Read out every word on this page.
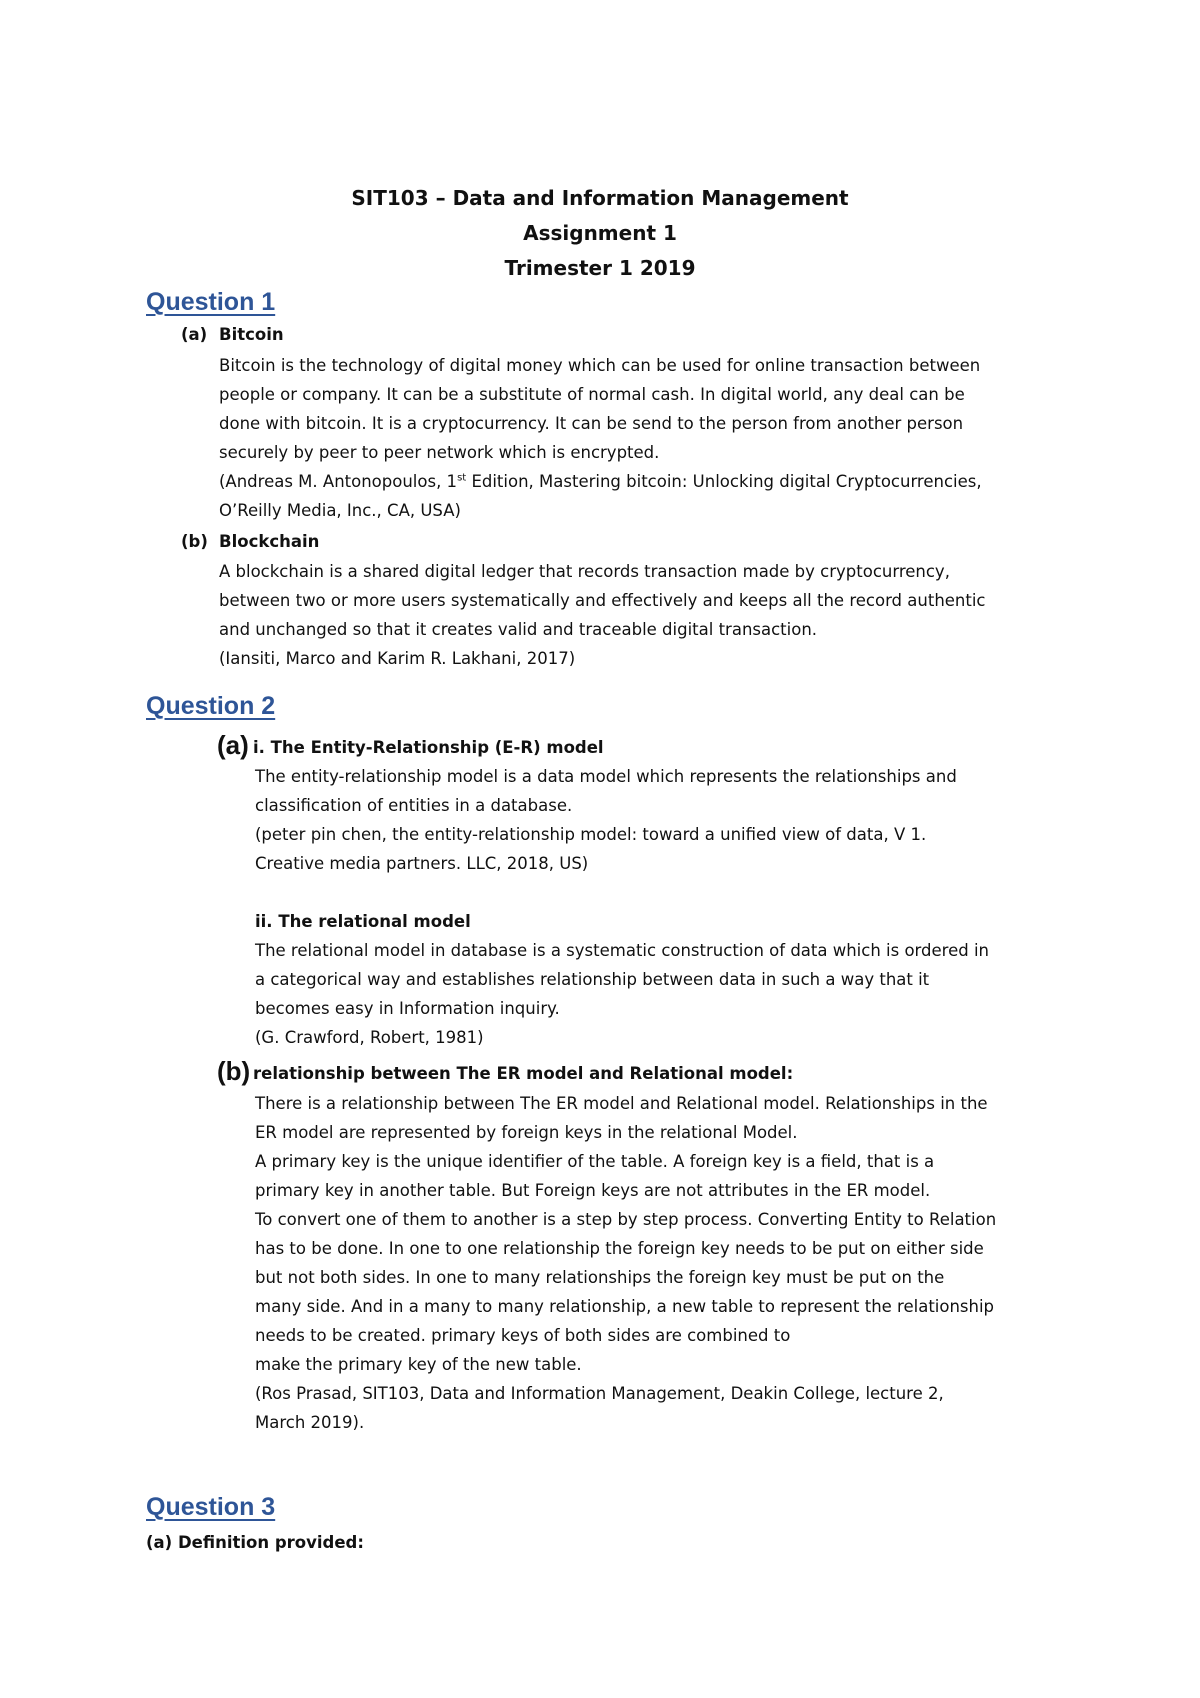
SIT103 – Data and Information Management
Assignment 1
Trimester 1 2019
Question 1
(a) Bitcoin
Bitcoin is the technology of digital money which can be used for online transaction between
people or company. It can be a substitute of normal cash. In digital world, any deal can be
done with bitcoin. It is a cryptocurrency. It can be send to the person from another person
securely by peer to peer network which is encrypted.
(Andreas M. Antonopoulos, 1st Edition, Mastering bitcoin: Unlocking digital Cryptocurrencies,
O’Reilly Media, Inc., CA, USA)
(b) Blockchain
A blockchain is a shared digital ledger that records transaction made by cryptocurrency,
between two or more users systematically and effectively and keeps all the record authentic
and unchanged so that it creates valid and traceable digital transaction.
(Iansiti, Marco and Karim R. Lakhani, 2017)
Question 2
(a) i. The Entity-Relationship (E-R) model
The entity-relationship model is a data model which represents the relationships and
classification of entities in a database.
(peter pin chen, the entity-relationship model: toward a unified view of data, V 1.
Creative media partners. LLC, 2018, US)
ii. The relational model
The relational model in database is a systematic construction of data which is ordered in
a categorical way and establishes relationship between data in such a way that it
becomes easy in Information inquiry.
(G. Crawford, Robert, 1981)
(b) relationship between The ER model and Relational model:
There is a relationship between The ER model and Relational model. Relationships in the
ER model are represented by foreign keys in the relational Model.
A primary key is the unique identifier of the table. A foreign key is a field, that is a
primary key in another table. But Foreign keys are not attributes in the ER model.
To convert one of them to another is a step by step process. Converting Entity to Relation
has to be done. In one to one relationship the foreign key needs to be put on either side
but not both sides. In one to many relationships the foreign key must be put on the
many side. And in a many to many relationship, a new table to represent the relationship
needs to be created. primary keys of both sides are combined to
make the primary key of the new table.
(Ros Prasad, SIT103, Data and Information Management, Deakin College, lecture 2,
March 2019).
Question 3
(a) Definition provided:
